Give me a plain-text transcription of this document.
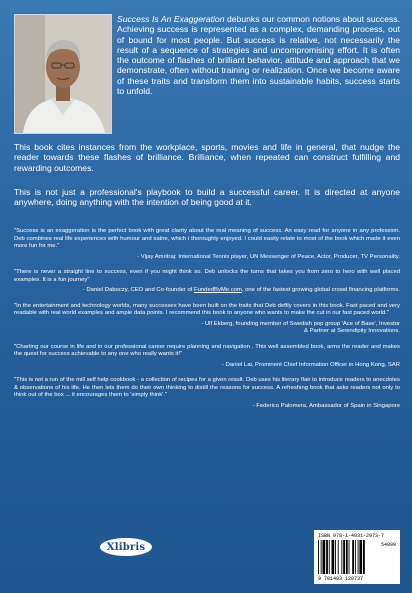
Success Is An Exaggeration debunks our common notions about success. Achieving success is represented as a complex, demanding process, out of bound for most people. But success is relative, not necessarily the result of a sequence of strategies and uncompromising effort. It is often the outcome of flashes of brilliant behavior, attitude and approach that we demonstrate, often without training or realization. Once we become aware of these traits and transform them into sustainable habits, success starts to unfold.
This book cites instances from the workplace, sports, movies and life in general, that nudge the reader towards these flashes of brilliance. Brilliance, when repeated can construct fulfilling and rewarding outcomes.
This is not just a professional's playbook to build a successful career. It is directed at anyone anywhere, doing anything with the intention of being good at it.
"Success is an exaggeration is the perfect book with great clarity about the real meaning of success. An easy read for anyone in any profession. Deb combines real life experiences with humour and satire, which i thoroughly enjoyed. I could easily relate to most of the book which made it even more fun for me."
- Vijay Amritraj: International Tennis player, UN Messenger of Peace, Actor, Producer, TV Personality.
"There is never a straight line to success, even if you might think so. Deb unlocks the turns that takes you from zero to hero with well placed examples. It is a fun journey"
- Daniel Daboczy, CEO and Co-founder of FundedByMe.com, one of the fastest growing global crowd financing platforms.
"In the entertainment and technology worlds, many successes have been built on the traits that Deb deftly covers in this book. Fast paced and very readable with real world examples and ample data points. I recommend this book to anyone who wants to make the cut in our fast paced world."
- Ulf Ekberg, founding member of Swedish pop group 'Ace of Base', Investor
& Partner at Serendipity Innovations.
"Charting our course in life and in our professional career require planning and navigation . This well assembled book, arms the reader and makes the quest for success achievable to any one who really wants it!"
- Daniel Lai, Prominent Chief Information Officer in Hong Kong, SAR
"This is not a run of the mill self help cookbook - a collection of recipes for a given result. Deb uses his literary flair to introduce readers to anecdotes & observations of his life. He then lets them do their own thinking to distill the reasons for success. A refreshing book that asks readers not only to think out of the box ... it encourages them to 'simply think'."
- Federico Palomera, Ambassador of Spain in Singapore
Xlibris
ISBN 978-1-4931-2973-7
54999
9 781493 129737
